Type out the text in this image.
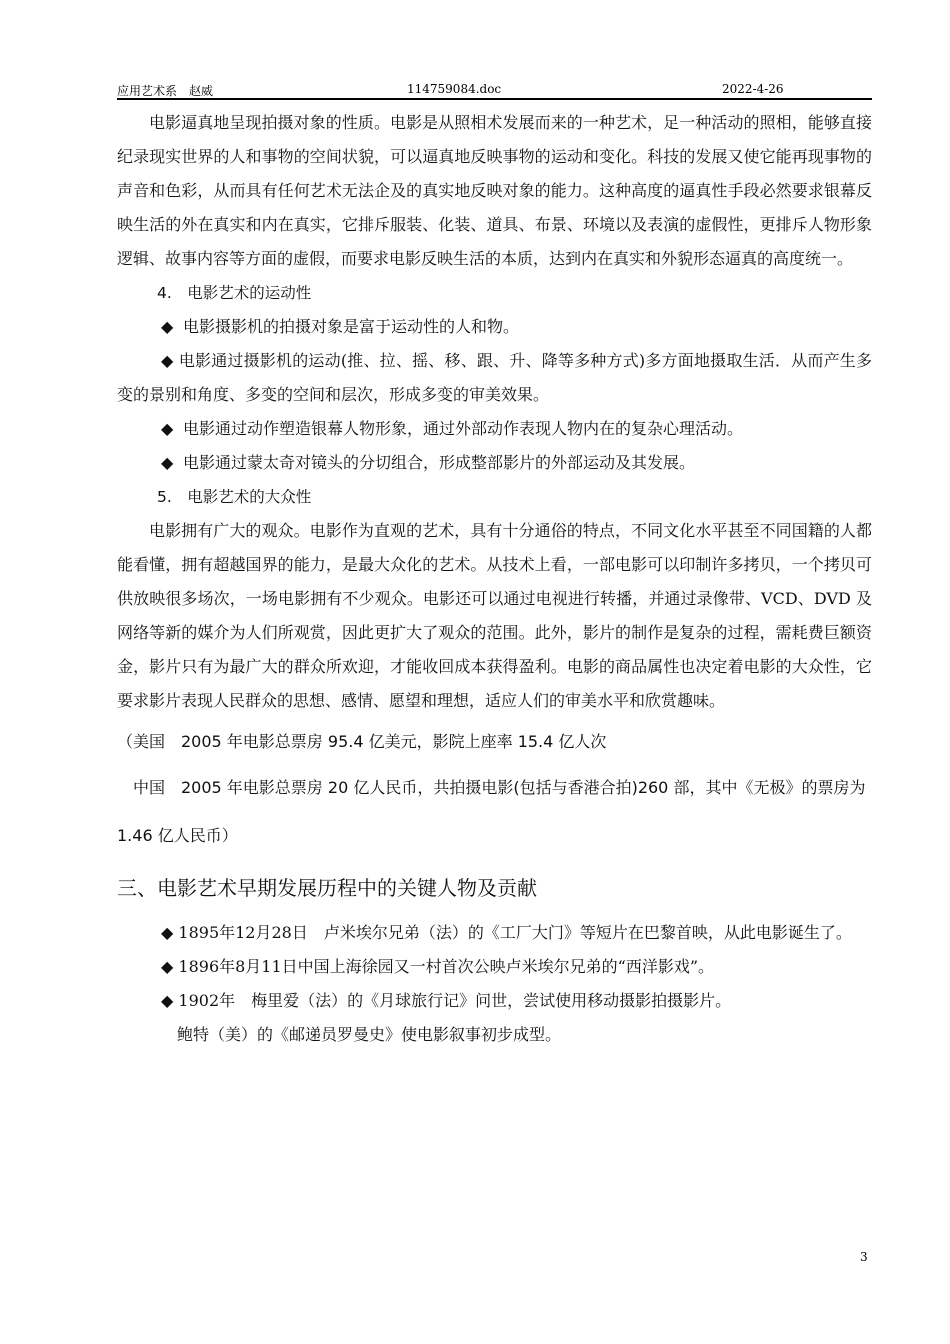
应用艺术系　赵威	114759084.doc	2022-4-26

电影逼真地呈现拍摄对象的性质。电影是从照相术发展而来的一种艺术，足一种活动的照相，能够直接纪录现实世界的人和事物的空间状貌，可以逼真地反映事物的运动和变化。科技的发展又使它能再现事物的声音和色彩，从而具有任何艺术无法企及的真实地反映对象的能力。这种高度的逼真性手段必然要求银幕反映生活的外在真实和内在真实，它排斥服装、化装、道具、布景、环境以及表演的虚假性，更排斥人物形象逻辑、故事内容等方面的虚假，而要求电影反映生活的本质，达到内在真实和外貌形态逼真的高度统一。

4.　电影艺术的运动性

◆ 电影摄影机的拍摄对象是富于运动性的人和物。

◆ 电影通过摄影机的运动(推、拉、摇、移、跟、升、降等多种方式)多方面地摄取生活．从而产生多变的景别和角度、多变的空间和层次，形成多变的审美效果。

◆ 电影通过动作塑造银幕人物形象，通过外部动作表现人物内在的复杂心理活动。

◆ 电影通过蒙太奇对镜头的分切组合，形成整部影片的外部运动及其发展。

5.　电影艺术的大众性

电影拥有广大的观众。电影作为直观的艺术，具有十分通俗的特点，不同文化水平甚至不同国籍的人都能看懂，拥有超越国界的能力，是最大众化的艺术。从技术上看，一部电影可以印制许多拷贝，一个拷贝可供放映很多场次，一场电影拥有不少观众。电影还可以通过电视进行转播，并通过录像带、VCD、DVD 及网络等新的媒介为人们所观赏，因此更扩大了观众的范围。此外，影片的制作是复杂的过程，需耗费巨额资金，影片只有为最广大的群众所欢迎，才能收回成本获得盈利。电影的商品属性也决定着电影的大众性，它要求影片表现人民群众的思想、感情、愿望和理想，适应人们的审美水平和欣赏趣味。

（美国　2005 年电影总票房 95.4 亿美元，影院上座率 15.4 亿人次

中国　2005 年电影总票房 20 亿人民币，共拍摄电影(包括与香港合拍)260 部，其中《无极》的票房为 1.46 亿人民币）

三、电影艺术早期发展历程中的关键人物及贡献

◆ 1895年12月28日　卢米埃尔兄弟（法）的《工厂大门》等短片在巴黎首映，从此电影诞生了。

◆ 1896年8月11日中国上海徐园又一村首次公映卢米埃尔兄弟的“西洋影戏”。

◆ 1902年　梅里爱（法）的《月球旅行记》问世，尝试使用移动摄影拍摄影片。

鲍特（美）的《邮递员罗曼史》使电影叙事初步成型。

3
